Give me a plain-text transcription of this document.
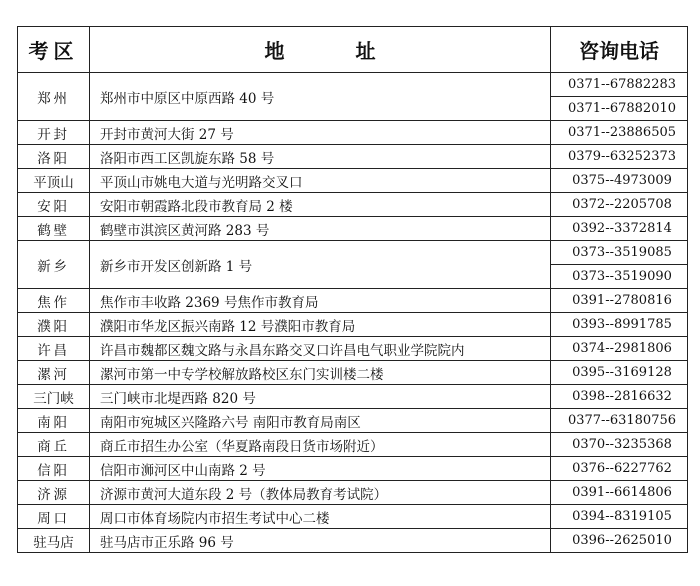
考区	地 址	咨询电话
郑州	郑州市中原区中原西路 40 号	0371--67882283
		0371--67882010
开封	开封市黄河大街 27 号	0371--23886505
洛阳	洛阳市西工区凯旋东路 58 号	0379--63252373
平顶山	平顶山市姚电大道与光明路交叉口	0375--4973009
安阳	安阳市朝霞路北段市教育局 2 楼	0372--2205708
鹤壁	鹤壁市淇滨区黄河路 283 号	0392--3372814
新乡	新乡市开发区创新路 1 号	0373--3519085
		0373--3519090
焦作	焦作市丰收路 2369 号焦作市教育局	0391--2780816
濮阳	濮阳市华龙区振兴南路 12 号濮阳市教育局	0393--8991785
许昌	许昌市魏都区魏文路与永昌东路交叉口许昌电气职业学院院内	0374--2981806
漯河	漯河市第一中专学校解放路校区东门实训楼二楼	0395--3169128
三门峡	三门峡市北堤西路 820 号	0398--2816632
南阳	南阳市宛城区兴隆路六号 南阳市教育局南区	0377--63180756
商丘	商丘市招生办公室（华夏路南段日货市场附近）	0370--3235368
信阳	信阳市浉河区中山南路 2 号	0376--6227762
济源	济源市黄河大道东段 2 号（教体局教育考试院）	0391--6614806
周口	周口市体育场院内市招生考试中心二楼	0394--8319105
驻马店	驻马店市正乐路 96 号	0396--2625010
